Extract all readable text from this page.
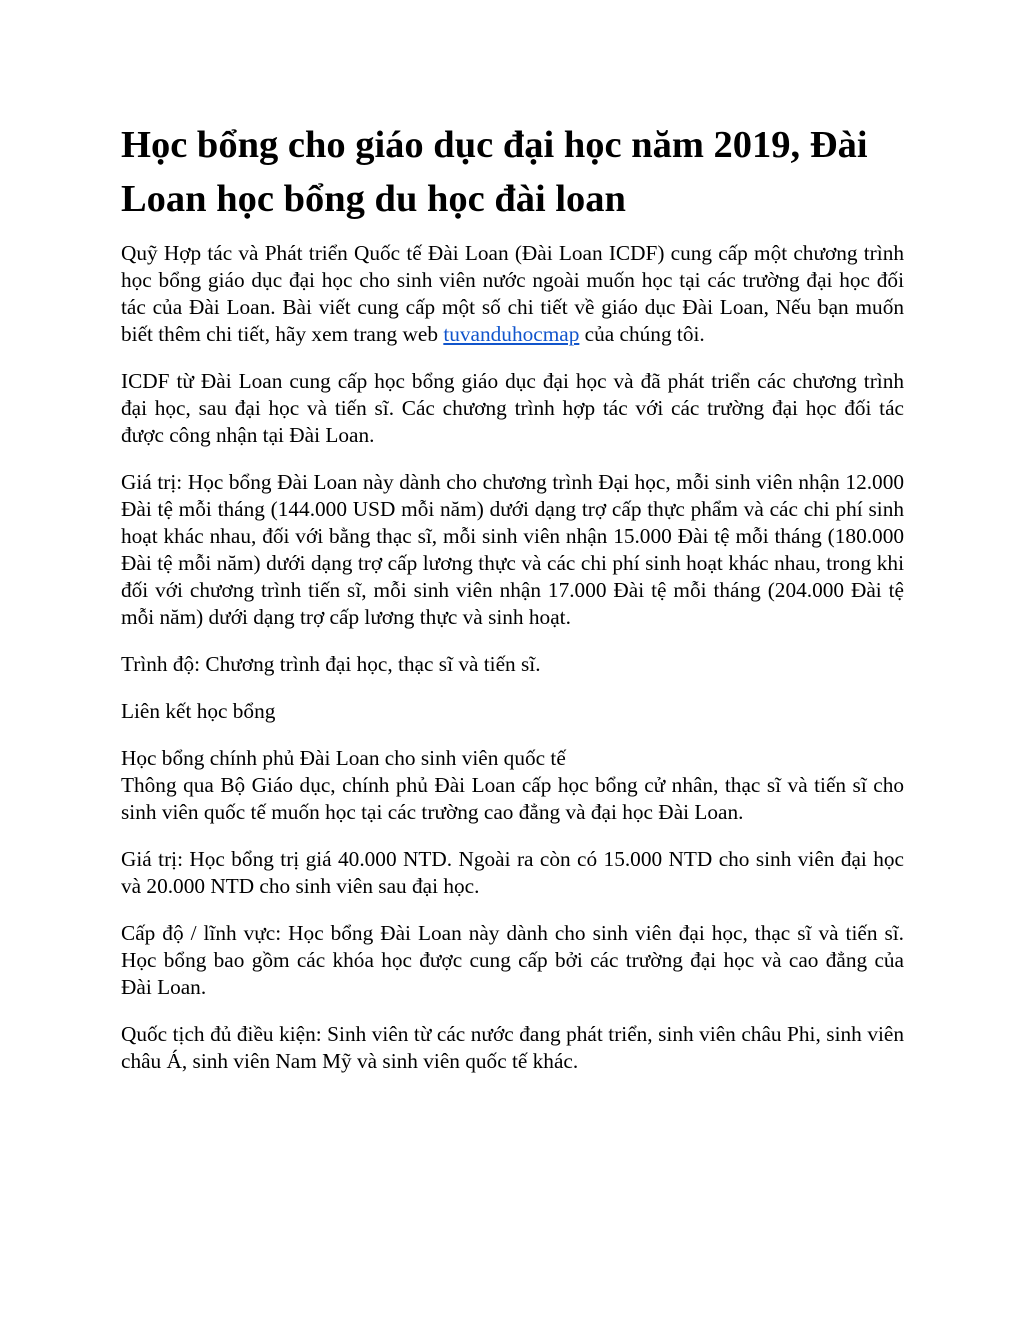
Học bổng cho giáo dục đại học năm 2019, Đài Loan học bổng du học đài loan

Quỹ Hợp tác và Phát triển Quốc tế Đài Loan (Đài Loan ICDF) cung cấp một chương trình học bổng giáo dục đại học cho sinh viên nước ngoài muốn học tại các trường đại học đối tác của Đài Loan. Bài viết cung cấp một số chi tiết về giáo dục Đài Loan, Nếu bạn muốn biết thêm chi tiết, hãy xem trang web tuvanduhocmap của chúng tôi.

ICDF từ Đài Loan cung cấp học bổng giáo dục đại học và đã phát triển các chương trình đại học, sau đại học và tiến sĩ. Các chương trình hợp tác với các trường đại học đối tác được công nhận tại Đài Loan.

Giá trị: Học bổng Đài Loan này dành cho chương trình Đại học, mỗi sinh viên nhận 12.000 Đài tệ mỗi tháng (144.000 USD mỗi năm) dưới dạng trợ cấp thực phẩm và các chi phí sinh hoạt khác nhau, đối với bằng thạc sĩ, mỗi sinh viên nhận 15.000 Đài tệ mỗi tháng (180.000 Đài tệ mỗi năm) dưới dạng trợ cấp lương thực và các chi phí sinh hoạt khác nhau, trong khi đối với chương trình tiến sĩ, mỗi sinh viên nhận 17.000 Đài tệ mỗi tháng (204.000 Đài tệ mỗi năm) dưới dạng trợ cấp lương thực và sinh hoạt.

Trình độ: Chương trình đại học, thạc sĩ và tiến sĩ.

Liên kết học bổng

Học bổng chính phủ Đài Loan cho sinh viên quốc tế
Thông qua Bộ Giáo dục, chính phủ Đài Loan cấp học bổng cử nhân, thạc sĩ và tiến sĩ cho sinh viên quốc tế muốn học tại các trường cao đẳng và đại học Đài Loan.

Giá trị: Học bổng trị giá 40.000 NTD. Ngoài ra còn có 15.000 NTD cho sinh viên đại học và 20.000 NTD cho sinh viên sau đại học.

Cấp độ / lĩnh vực: Học bổng Đài Loan này dành cho sinh viên đại học, thạc sĩ và tiến sĩ. Học bổng bao gồm các khóa học được cung cấp bởi các trường đại học và cao đẳng của Đài Loan.

Quốc tịch đủ điều kiện: Sinh viên từ các nước đang phát triển, sinh viên châu Phi, sinh viên châu Á, sinh viên Nam Mỹ và sinh viên quốc tế khác.
